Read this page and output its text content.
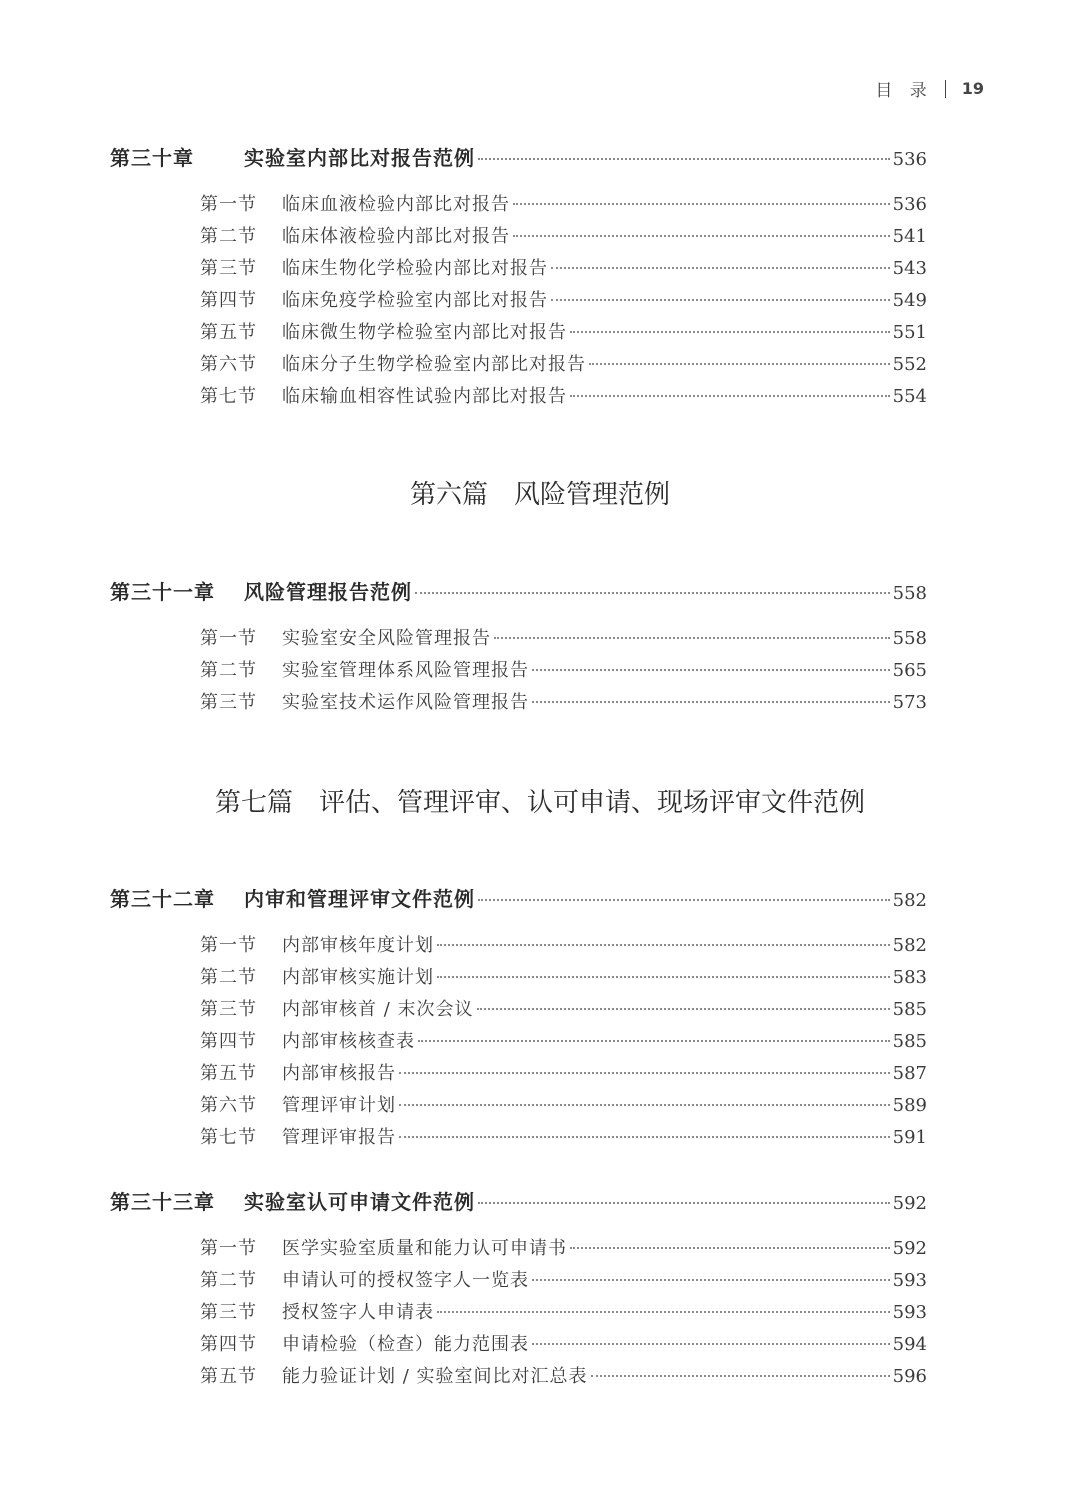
目 录 19
第三十章	实验室内部比对报告范例	536
第一节	临床血液检验内部比对报告	536
第二节	临床体液检验内部比对报告	541
第三节	临床生物化学检验内部比对报告	543
第四节	临床免疫学检验室内部比对报告	549
第五节	临床微生物学检验室内部比对报告	551
第六节	临床分子生物学检验室内部比对报告	552
第七节	临床输血相容性试验内部比对报告	554
第六篇 风险管理范例
第三十一章	风险管理报告范例	558
第一节	实验室安全风险管理报告	558
第二节	实验室管理体系风险管理报告	565
第三节	实验室技术运作风险管理报告	573
第七篇 评估、管理评审、认可申请、现场评审文件范例
第三十二章	内审和管理评审文件范例	582
第一节	内部审核年度计划	582
第二节	内部审核实施计划	583
第三节	内部审核首 / 末次会议	585
第四节	内部审核核查表	585
第五节	内部审核报告	587
第六节	管理评审计划	589
第七节	管理评审报告	591
第三十三章	实验室认可申请文件范例	592
第一节	医学实验室质量和能力认可申请书	592
第二节	申请认可的授权签字人一览表	593
第三节	授权签字人申请表	593
第四节	申请检验（检查）能力范围表	594
第五节	能力验证计划 / 实验室间比对汇总表	596
